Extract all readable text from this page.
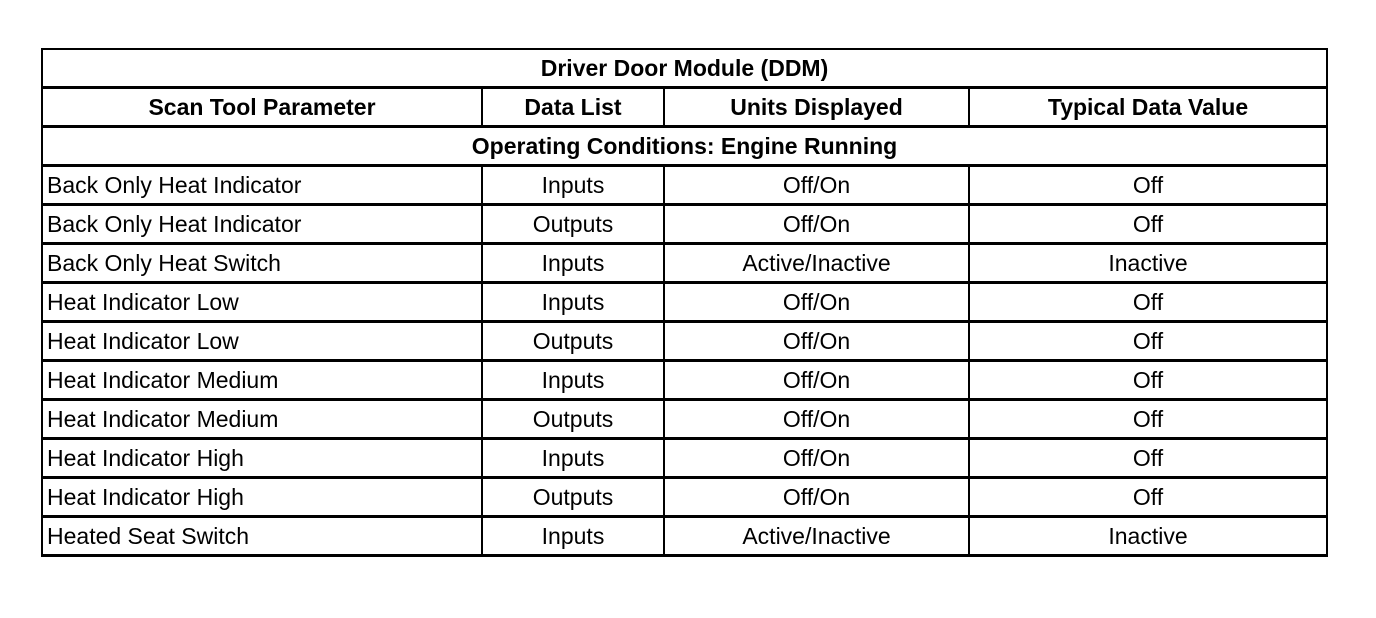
Driver Door Module (DDM)			
Scan Tool Parameter	Data List	Units Displayed	Typical Data Value
Operating Conditions: Engine Running			
Back Only Heat Indicator	Inputs	Off/On	Off
Back Only Heat Indicator	Outputs	Off/On	Off
Back Only Heat Switch	Inputs	Active/Inactive	Inactive
Heat Indicator Low	Inputs	Off/On	Off
Heat Indicator Low	Outputs	Off/On	Off
Heat Indicator Medium	Inputs	Off/On	Off
Heat Indicator Medium	Outputs	Off/On	Off
Heat Indicator High	Inputs	Off/On	Off
Heat Indicator High	Outputs	Off/On	Off
Heated Seat Switch	Inputs	Active/Inactive	Inactive
